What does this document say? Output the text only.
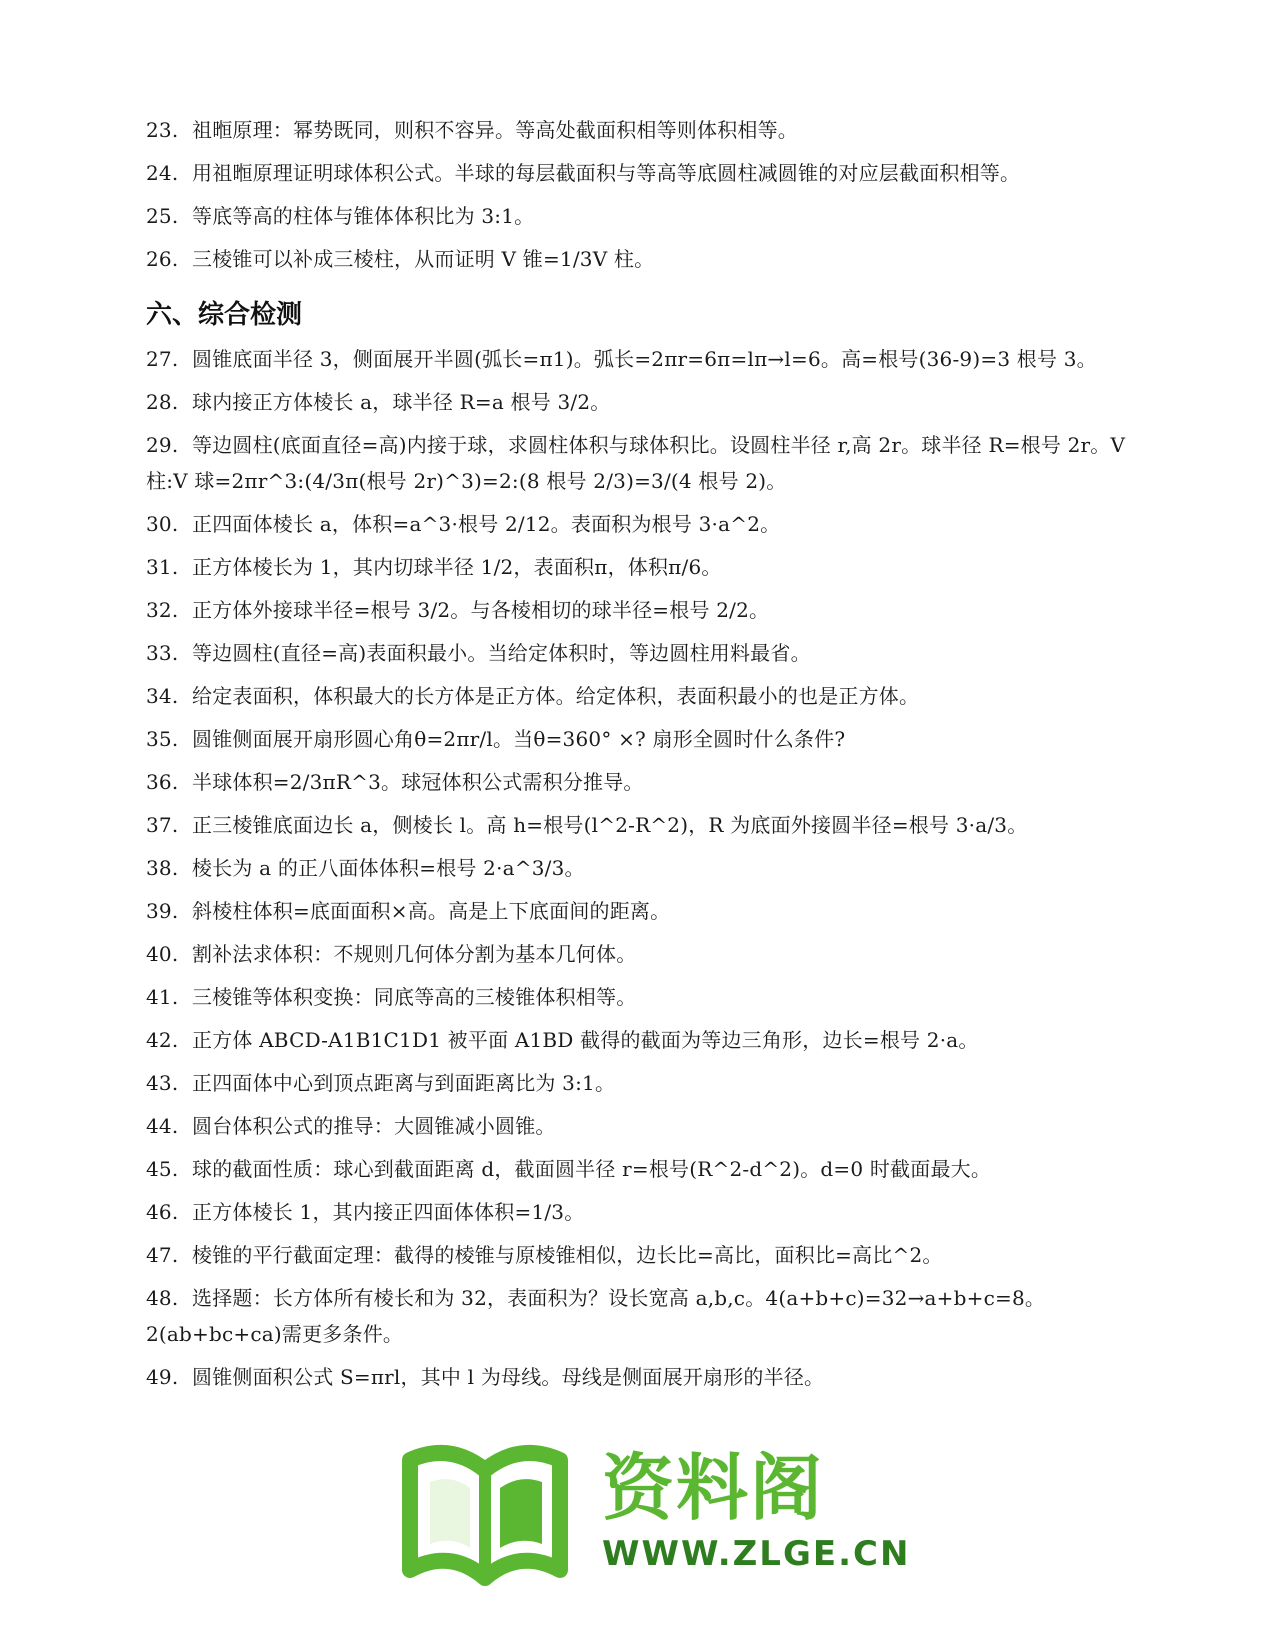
23. 祖暅原理：幂势既同，则积不容异。等高处截面积相等则体积相等。
24. 用祖暅原理证明球体积公式。半球的每层截面积与等高等底圆柱减圆锥的对应层截面积相等。
25. 等底等高的柱体与锥体体积比为 3:1。
26. 三棱锥可以补成三棱柱，从而证明 V 锥=1/3V 柱。
六、综合检测
27. 圆锥底面半径 3，侧面展开半圆(弧长=π1)。弧长=2πr=6π=lπ→l=6。高=根号(36-9)=3 根号 3。
28. 球内接正方体棱长 a，球半径 R=a 根号 3/2。
29. 等边圆柱(底面直径=高)内接于球，求圆柱体积与球体积比。设圆柱半径 r,高 2r。球半径 R=根号 2r。V 柱:V 球=2πr^3:(4/3π(根号 2r)^3)=2:(8 根号 2/3)=3/(4 根号 2)。
30. 正四面体棱长 a，体积=a^3·根号 2/12。表面积为根号 3·a^2。
31. 正方体棱长为 1，其内切球半径 1/2，表面积π，体积π/6。
32. 正方体外接球半径=根号 3/2。与各棱相切的球半径=根号 2/2。
33. 等边圆柱(直径=高)表面积最小。当给定体积时，等边圆柱用料最省。
34. 给定表面积，体积最大的长方体是正方体。给定体积，表面积最小的也是正方体。
35. 圆锥侧面展开扇形圆心角θ=2πr/l。当θ=360° ×? 扇形全圆时什么条件?
36. 半球体积=2/3πR^3。球冠体积公式需积分推导。
37. 正三棱锥底面边长 a，侧棱长 l。高 h=根号(l^2-R^2)，R 为底面外接圆半径=根号 3·a/3。
38. 棱长为 a 的正八面体体积=根号 2·a^3/3。
39. 斜棱柱体积=底面面积×高。高是上下底面间的距离。
40. 割补法求体积：不规则几何体分割为基本几何体。
41. 三棱锥等体积变换：同底等高的三棱锥体积相等。
42. 正方体 ABCD-A1B1C1D1 被平面 A1BD 截得的截面为等边三角形，边长=根号 2·a。
43. 正四面体中心到顶点距离与到面距离比为 3:1。
44. 圆台体积公式的推导：大圆锥减小圆锥。
45. 球的截面性质：球心到截面距离 d，截面圆半径 r=根号(R^2-d^2)。d=0 时截面最大。
46. 正方体棱长 1，其内接正四面体体积=1/3。
47. 棱锥的平行截面定理：截得的棱锥与原棱锥相似，边长比=高比，面积比=高比^2。
48. 选择题：长方体所有棱长和为 32，表面积为？设长宽高 a,b,c。4(a+b+c)=32→a+b+c=8。2(ab+bc+ca)需更多条件。
49. 圆锥侧面积公式 S=πrl，其中 l 为母线。母线是侧面展开扇形的半径。
资料阁
WWW.ZLGE.CN
